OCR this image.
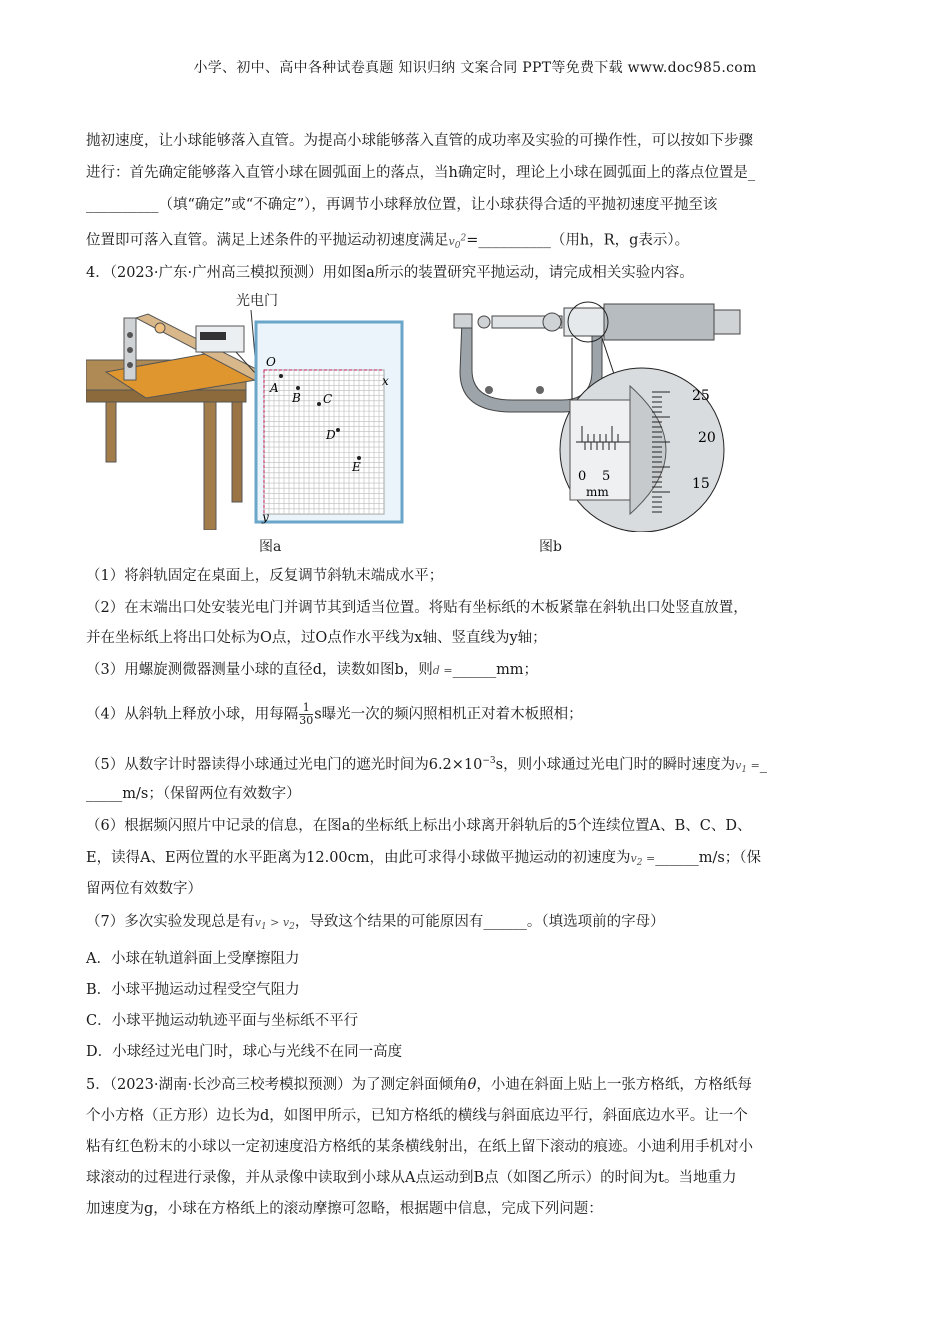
小学、初中、高中各种试卷真题 知识归纳 文案合同 PPT等免费下载 www.doc985.com
抛初速度，让小球能够落入直管。为提高小球能够落入直管的成功率及实验的可操作性，可以按如下步骤
进行：首先确定能够落入直管小球在圆弧面上的落点，当h确定时，理论上小球在圆弧面上的落点位置是_
__________（填“确定”或“不确定”），再调节小球释放位置，让小球获得合适的平抛初速度平抛至该
位置即可落入直管。满足上述条件的平抛运动初速度满足$v_0^2=\_\_\_\_\_\_\_\_\_\_$（用h，R，g表示）。
4．（2023·广东·广州高三模拟预测）用如图a所示的装置研究平抛运动，请完成相关实验内容。
光电门
x
y
O
A
B C
D
E
图a
0 5
mm
25
20
15
图b
（1）将斜轨固定在桌面上，反复调节斜轨末端成水平；
（2）在末端出口处安装光电门并调节其到适当位置。将贴有坐标纸的木板紧靠在斜轨出口处竖直放置，
并在坐标纸上将出口处标为O点，过O点作水平线为x轴、竖直线为y轴；
（3）用螺旋测微器测量小球的直径d，读数如图b，则d =______mm；
（4）从斜轨上释放小球，用每隔 $\frac{1}{30}$ s曝光一次的频闪照相机正对着木板照相；
（5）从数字计时器读得小球通过光电门的遮光时间为$6.2\times 10^{-3}s$，则小球通过光电门时的瞬时速度为$v_1$ =_
_____m/s；（保留两位有效数字）
（6）根据频闪照片中记录的信息，在图a的坐标纸上标出小球离开斜轨后的5个连续位置A、B、C、D、
E，读得A、E两位置的水平距离为12.00cm，由此可求得小球做平抛运动的初速度为$v_2$ =______m/s；（保
留两位有效数字）
（7）多次实验发现总是有$v_1 > v_2$，导致这个结果的可能原因有______。（填选项前的字母）
A．小球在轨道斜面上受摩擦阻力
B．小球平抛运动过程受空气阻力
C．小球平抛运动轨迹平面与坐标纸不平行
D．小球经过光电门时，球心与光线不在同一高度
5．（2023·湖南·长沙高三校考模拟预测）为了测定斜面倾角θ，小迪在斜面上贴上一张方格纸，方格纸每
个小方格（正方形）边长为d，如图甲所示，已知方格纸的横线与斜面底边平行，斜面底边水平。让一个
粘有红色粉末的小球以一定初速度沿方格纸的某条横线射出，在纸上留下滚动的痕迹。小迪利用手机对小
球滚动的过程进行录像，并从录像中读取到小球从A点运动到B点（如图乙所示）的时间为t。当地重力
加速度为g，小球在方格纸上的滚动摩擦可忽略，根据题中信息，完成下列问题：
